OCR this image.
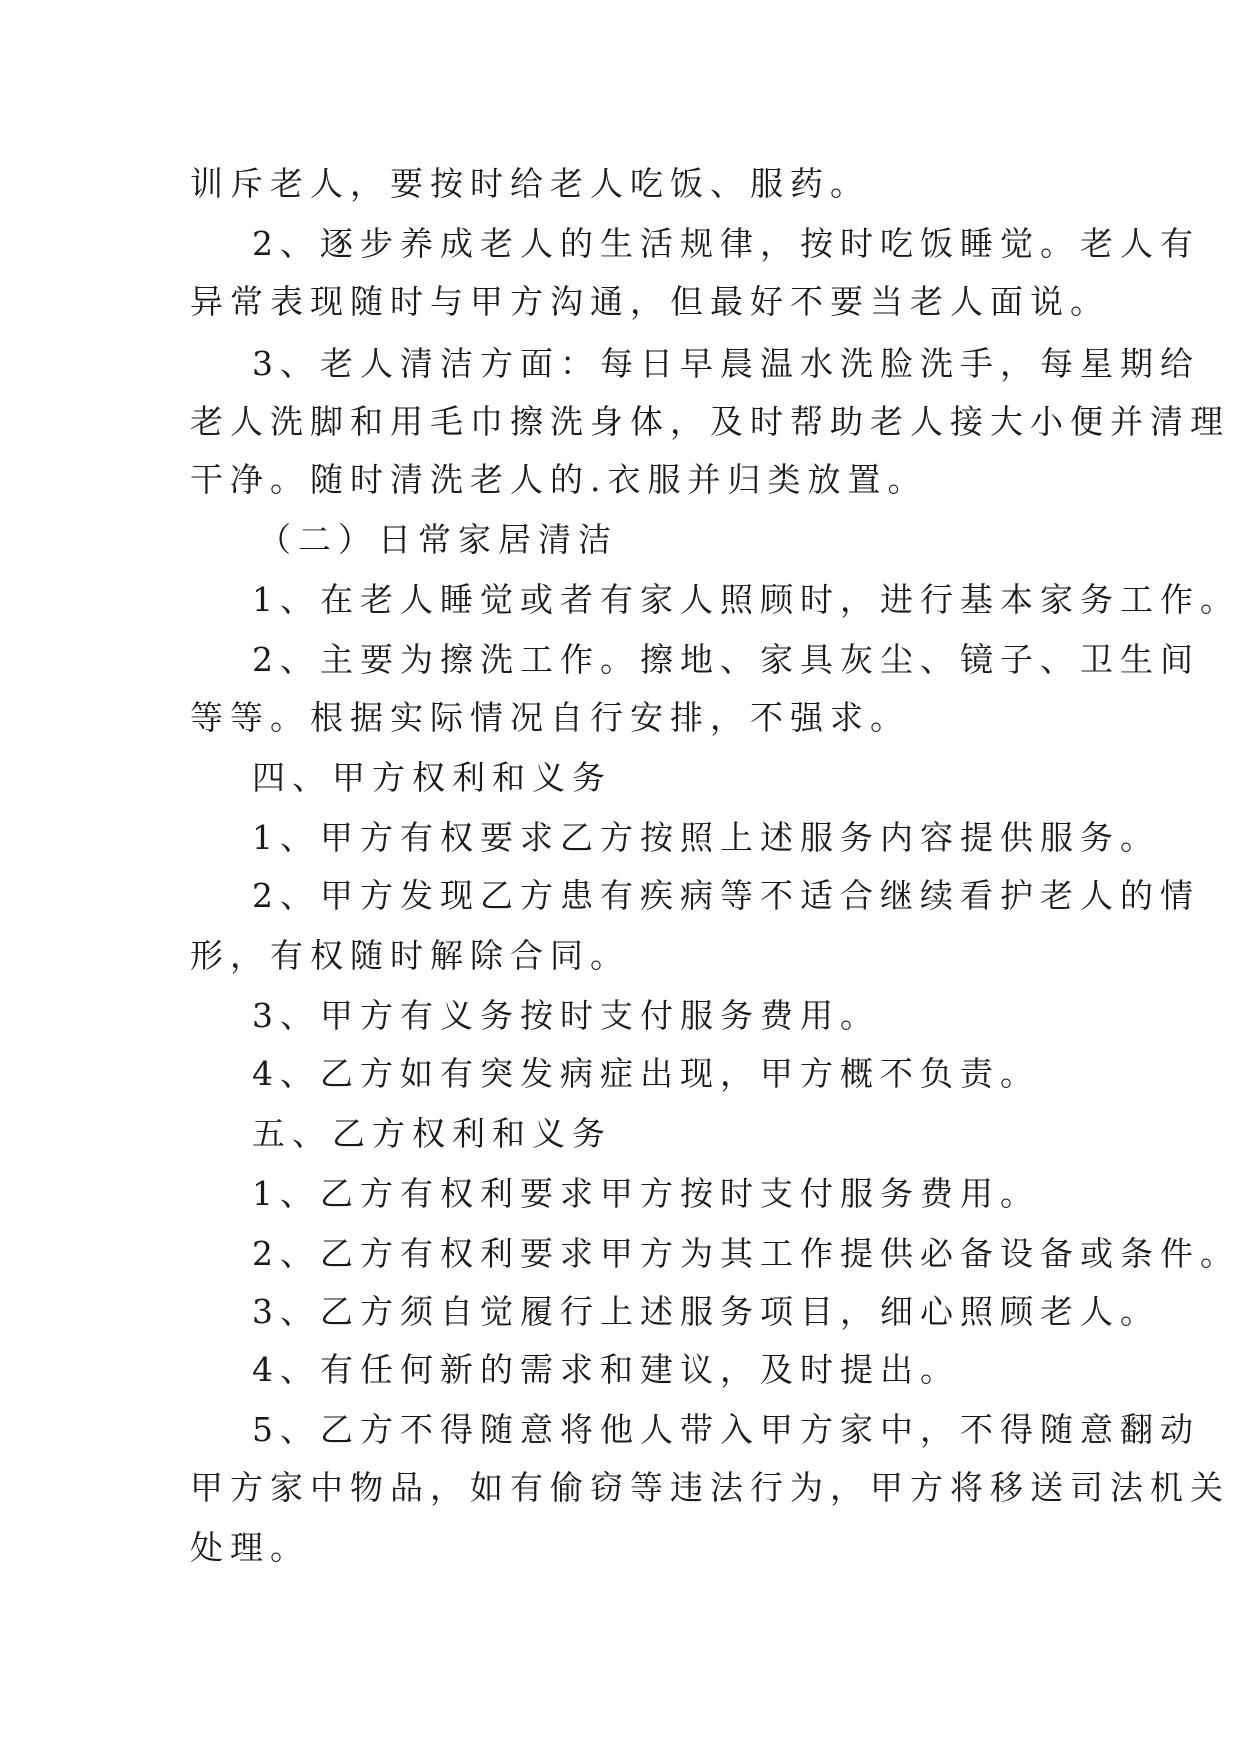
训斥老人，要按时给老人吃饭、服药。
2、逐步养成老人的生活规律，按时吃饭睡觉。老人有
异常表现随时与甲方沟通，但最好不要当老人面说。
3、老人清洁方面：每日早晨温水洗脸洗手，每星期给
老人洗脚和用毛巾擦洗身体，及时帮助老人接大小便并清理
干净。随时清洗老人的.衣服并归类放置。
（二）日常家居清洁
1、在老人睡觉或者有家人照顾时，进行基本家务工作。
2、主要为擦洗工作。擦地、家具灰尘、镜子、卫生间
等等。根据实际情况自行安排，不强求。
四、甲方权利和义务
1、甲方有权要求乙方按照上述服务内容提供服务。
2、甲方发现乙方患有疾病等不适合继续看护老人的情
形，有权随时解除合同。
3、甲方有义务按时支付服务费用。
4、乙方如有突发病症出现，甲方概不负责。
五、乙方权利和义务
1、乙方有权利要求甲方按时支付服务费用。
2、乙方有权利要求甲方为其工作提供必备设备或条件。
3、乙方须自觉履行上述服务项目，细心照顾老人。
4、有任何新的需求和建议，及时提出。
5、乙方不得随意将他人带入甲方家中，不得随意翻动
甲方家中物品，如有偷窃等违法行为，甲方将移送司法机关
处理。
